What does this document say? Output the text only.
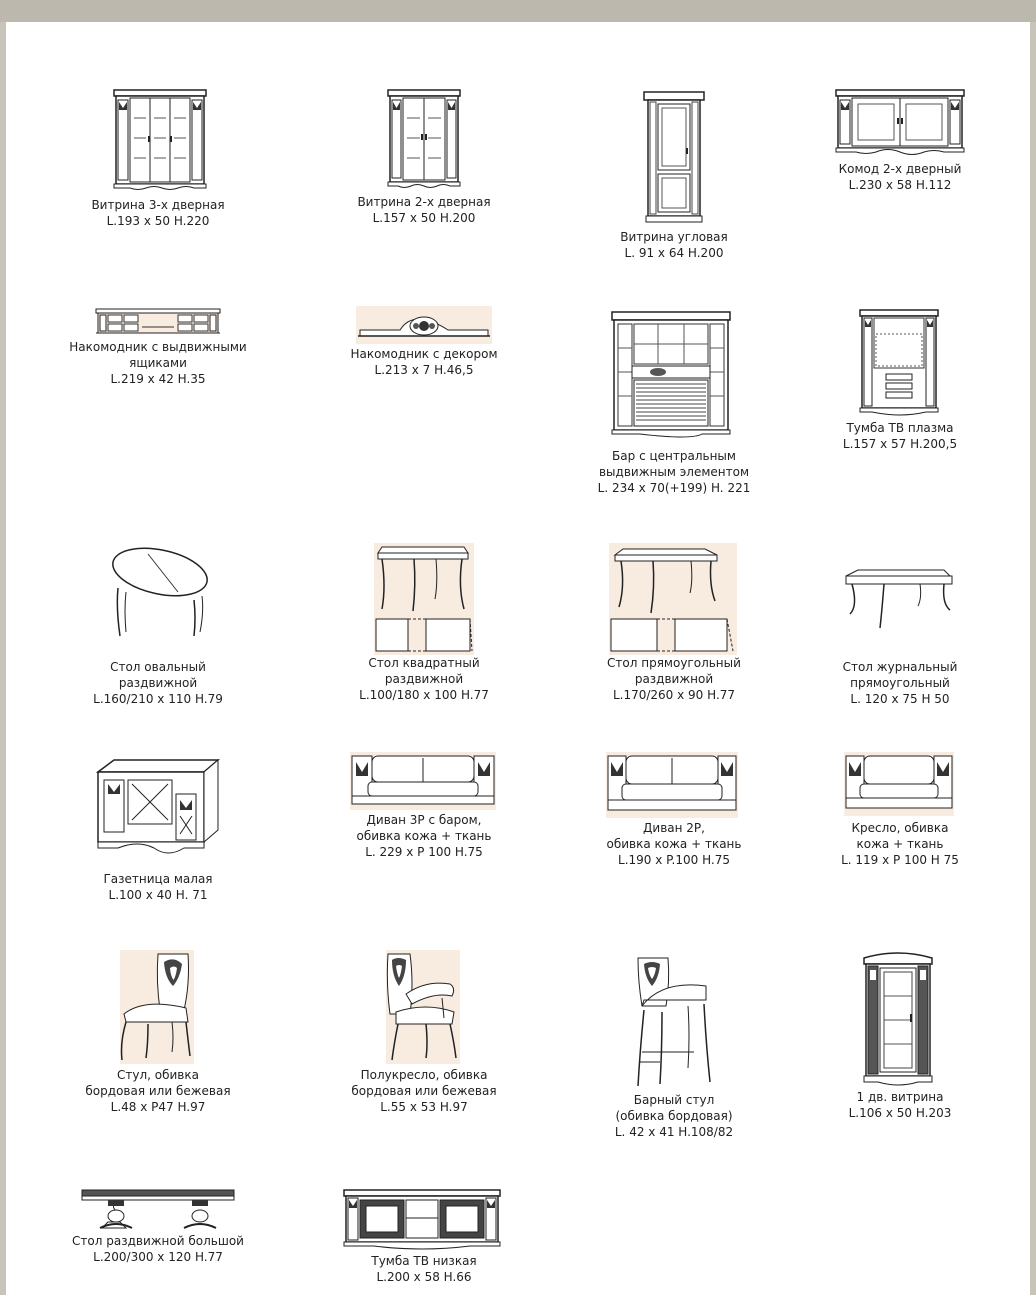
Витрина 3-х дверная
L.193 x 50 H.220
Витрина 2-х дверная
L.157 x 50 H.200
Витрина угловая
L. 91 x 64 H.200
Комод 2-х дверный
L.230 x 58 H.112
Накомодник с выдвижными
ящиками
L.219 x 42 H.35
Накомодник с декором
L.213 x 7 H.46,5
Бар с центральным
выдвижным элементом
L. 234 x 70(+199) H. 221
Тумба ТВ плазма
L.157 x 57 H.200,5
Стол овальный
раздвижной
L.160/210 x 110 H.79
Стол квадратный
раздвижной
L.100/180 x 100 H.77
Стол прямоугольный
раздвижной
L.170/260 x 90 H.77
Стол журнальный
прямоугольный
L. 120 x 75 H 50
Газетница малая
L.100 x 40 H. 71
Диван 3Р с баром,
обивка кожа + ткань
L. 229 x P 100 H.75
Диван 2Р,
обивка кожа + ткань
L.190 x P.100 H.75
Кресло, обивка
кожа + ткань
L. 119 x P 100 H 75
Стул, обивка
бордовая или бежевая
L.48 x P47 H.97
Полукресло, обивка
бордовая или бежевая
L.55 x 53 H.97	Барный стул
(обивка бордовая)
L. 42 x 41 H.108/82
1 дв. витрина
L.106 x 50 H.203
Стол раздвижной большой
L.200/300 x 120 H.77	Тумба ТВ низкая
L.200 x 58 H.66
